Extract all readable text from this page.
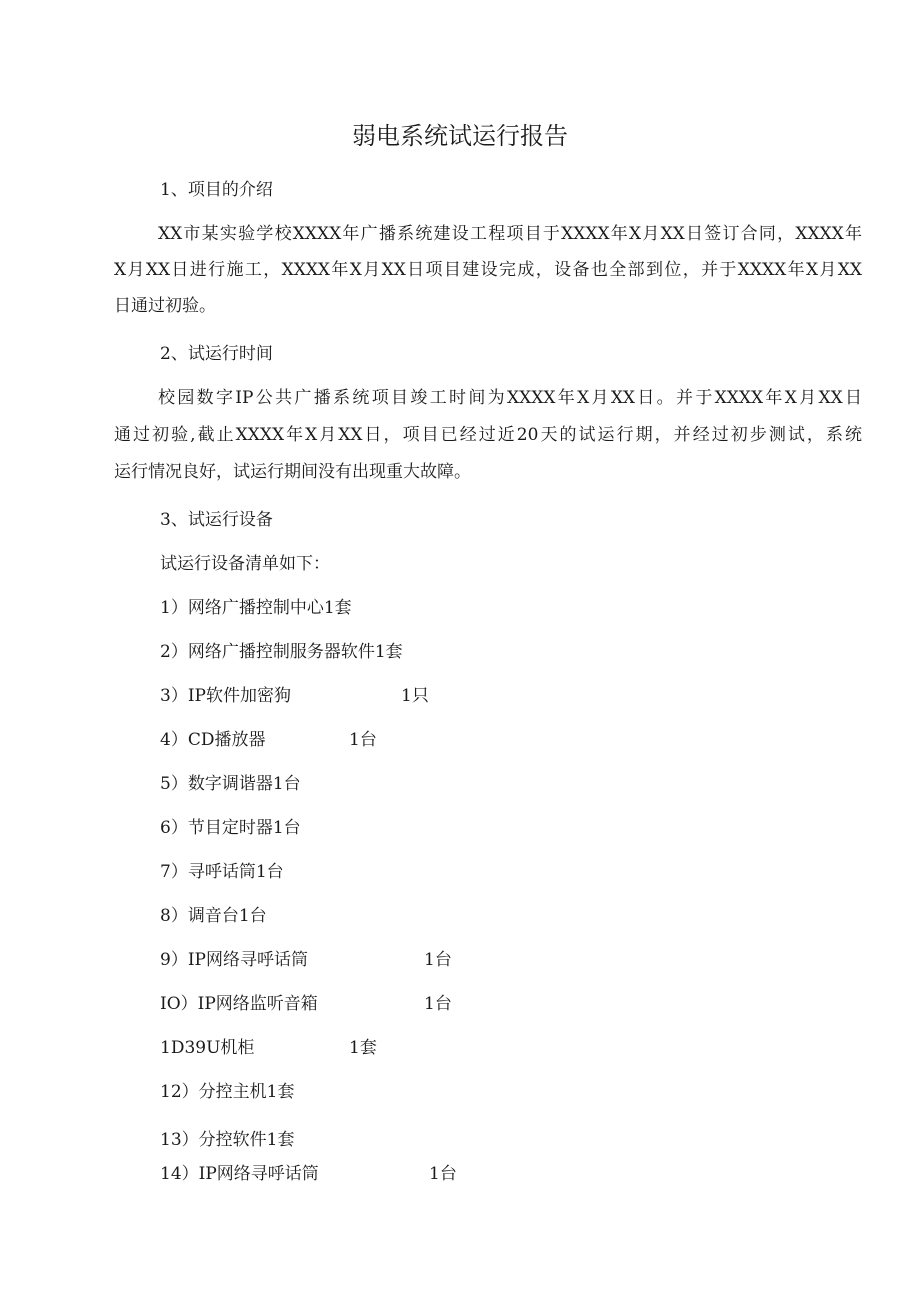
弱电系统试运行报告
1、项目的介绍
XX市某实验学校XXXX年广播系统建设工程项目于XXXX年X月XX日签订合同，XXXX年
X月XX日进行施工，XXXX年X月XX日项目建设完成，设备也全部到位，并于XXXX年X月XX
日通过初验。
2、试运行时间
校园数字IP公共广播系统项目竣工时间为XXXX年X月XX日。并于XXXX年X月XX日
通过初验,截止XXXX年X月XX日，项目已经过近20天的试运行期，并经过初步测试，系统
运行情况良好，试运行期间没有出现重大故障。
3、试运行设备
试运行设备清单如下：
1）网络广播控制中心1套
2）网络广播控制服务器软件1套
3）IP软件加密狗	1只
4）CD播放器	1台
5）数字调谐器1台
6）节目定时器1台
7）寻呼话筒1台
8）调音台1台
9）IP网络寻呼话筒	1台
IO）IP网络监听音箱	1台
1D39U机柜	1套
12）分控主机1套
13）分控软件1套
14）IP网络寻呼话筒	1台
